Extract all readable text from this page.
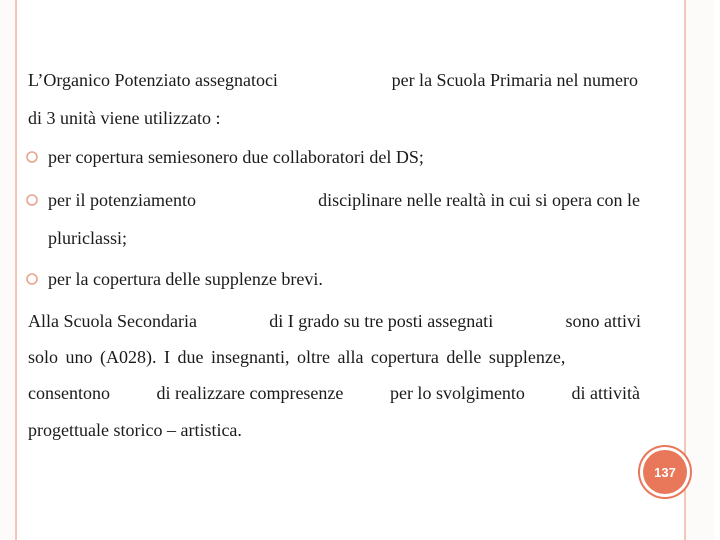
L’Organico Potenziato assegnatoci	per la Scuola Primaria nel numero
di 3 unità viene utilizzato :
per copertura semiesonero due collaboratori del DS;
per il potenziamento	disciplinare nelle realtà in cui si opera con le
pluriclassi;
per la copertura delle supplenze brevi.
Alla Scuola Secondaria	di I grado su tre posti assegnati	sono attivi
solo uno (A028). I due insegnanti, oltre alla copertura delle supplenze,
consentono	di realizzare compresenze	per lo svolgimento	di attività
progettuale storico – artistica.
137
